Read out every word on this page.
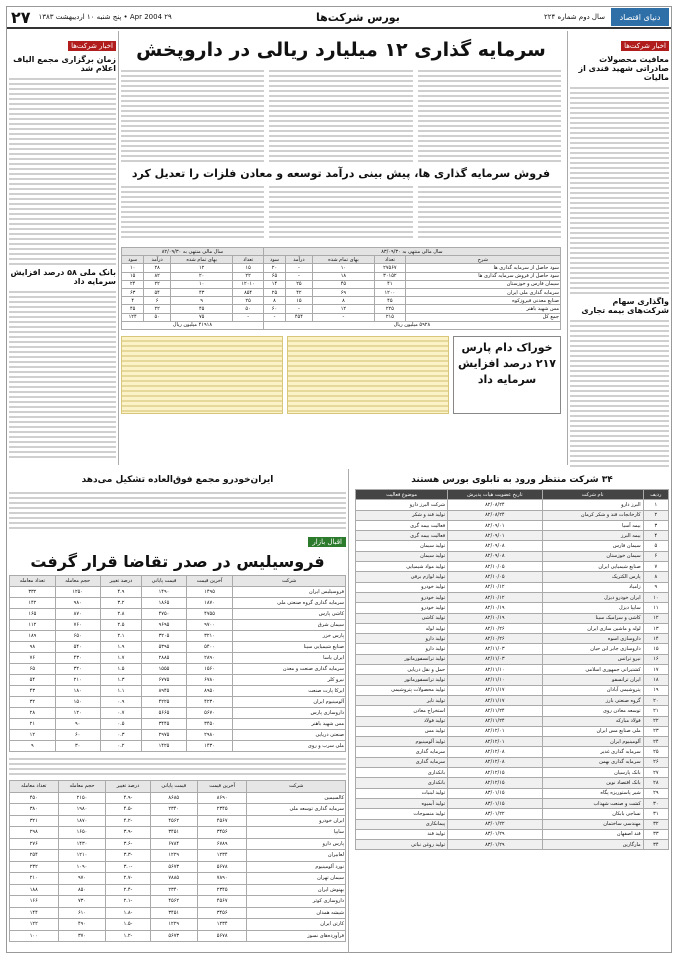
دنیای اقتصاد
سال دوم شماره ۲۲۴
بورس شرکت‌ها
۲۹ Apr 2004 • پنج شنبه ۱۰ اردیبهشت ۱۳۸۳
۲۷
اخبار شرکت‌ها
معافیت محصولات صادراتی شهید قندی از مالیات
واگذاری سهام شرکت‌های بیمه تجاری
اخبار شرکت‌ها
زمان برگزاری مجمع الیاف اعلام شد
بانک ملی ۵۸ درصد افزایش سرمایه داد
سرمایه گذاری ۱۲ میلیارد ریالی در داروپخش
فروش سرمایه گذاری ها، پیش بینی درآمد توسعه و معادن فلزات را تعدیل کرد
سال مالی منتهی به ۸۳/۰۹/۳۰					سال مالی منتهی به ۸۲/۰۹/۳۰			
شرح	تعداد	بهای تمام شده	درآمد	سود	تعداد	بهای تمام شده	درآمد	سود
سود حاصل از سرمایه گذاری ها	۲۷۵۶۷	۱۰	-	۲۰	۱۵	۱۲	۲۸	۱۰
سود حاصل از فروش سرمایه گذاری ها	۳۰۱۵۲	۱۸	-	۶۵	۲۲	۲۰	۸۲	۱۵
سیمان فارس و خوزستان	۴۱	۴۵	۲۵	۱۴	۱۲۰۱۰	۱۰	۲۲	۲۴
سرمایه گذاری ملی ایران	۱۲۰۰	۶۹	۴۲	۲۵	۸۵۴	۴۳	۵۴	۶۳
صنایع معدنی فیروزکوه	۴۵	۸	۱۵	۸	۲۵	۹	۶	۴
مس شهید باهنر	۲۲۵	۱۲	-	۶۰	۵۰	۴۵	۲۲	۴۵
جمع کل	۲۱۵	-	۴۵۴	-	-	۷۵	۵۰	۱۲۴
۵۹۲۸ میلیون ریال					۴۱۹۱۸ میلیون ریال			
خوراک دام پارس ۲۱۷ درصد افزایش سرمایه داد
۳۴ شرکت منتظر ورود به تابلوی بورس هستند
ردیف	نام شرکت	تاریخ عضویت هیات پذیرش	موضوع فعالیت
۱	البرز دارو	۸۲/۰۸/۲۴	شرکت البرز دارو
۲	کارخانجات قند و شکر کرمان	۸۲/۰۸/۲۴	تولید قند و شکر
۳	بیمه آسیا	۸۲/۰۹/۰۱	فعالیت بیمه گری
۴	بیمه البرز	۸۲/۰۹/۰۱	فعالیت بیمه گری
۵	سیمان فارس	۸۲/۰۹/۰۸	تولید سیمان
۶	سیمان خوزستان	۸۲/۰۹/۰۸	تولید سیمان
۷	صنایع شیمیایی ایران	۸۲/۱۰/۰۵	تولید مواد شیمیایی
۸	پارس الکتریک	۸۲/۱۰/۰۵	تولید لوازم برقی
۹	زامیاد	۸۲/۱۰/۱۲	تولید خودرو
۱۰	ایران خودرو دیزل	۸۲/۱۰/۱۲	تولید خودرو
۱۱	سایپا دیزل	۸۲/۱۰/۱۹	تولید خودرو
۱۲	کاشی و سرامیک سینا	۸۲/۱۰/۱۹	تولید کاشی
۱۳	لوله و ماشین سازی ایران	۸۲/۱۰/۲۶	تولید لوله
۱۴	داروسازی اسوه	۸۲/۱۰/۲۶	تولید دارو
۱۵	داروسازی جابر ابن حیان	۸۲/۱۱/۰۳	تولید دارو
۱۶	نیرو ترانس	۸۲/۱۱/۰۳	تولید ترانسفورماتور
۱۷	کشتیرانی جمهوری اسلامی	۸۲/۱۱/۱۰	حمل و نقل دریایی
۱۸	ایران ترانسفو	۸۲/۱۱/۱۰	تولید ترانسفورماتور
۱۹	پتروشیمی آبادان	۸۲/۱۱/۱۷	تولید محصولات پتروشیمی
۲۰	گروه صنعتی بارز	۸۲/۱۱/۱۷	تولید تایر
۲۱	توسعه معادن روی	۸۲/۱۱/۲۴	استخراج معادن
۲۲	فولاد مبارکه	۸۲/۱۱/۲۴	تولید فولاد
۲۳	ملی صنایع مس ایران	۸۲/۱۲/۰۱	تولید مس
۲۴	آلومینیوم ایران	۸۲/۱۲/۰۱	تولید آلومینیوم
۲۵	سرمایه گذاری غدیر	۸۲/۱۲/۰۸	سرمایه گذاری
۲۶	سرمایه گذاری بهمن	۸۲/۱۲/۰۸	سرمایه گذاری
۲۷	بانک پارسیان	۸۲/۱۲/۱۵	بانکداری
۲۸	بانک اقتصاد نوین	۸۲/۱۲/۱۵	بانکداری
۲۹	شیر پاستوریزه پگاه	۸۳/۰۱/۱۵	تولید لبنیات
۳۰	کشت و صنعت شهداب	۸۳/۰۱/۱۵	تولید آبمیوه
۳۱	نساجی بابکان	۸۳/۰۱/۲۲	تولید منسوجات
۳۲	مهندسی ساختمان	۸۳/۰۱/۲۲	پیمانکاری
۳۳	قند اصفهان	۸۳/۰۱/۲۹	تولید قند
۳۴	مارگارین	۸۳/۰۱/۲۹	تولید روغن نباتی
ایران‌خودرو مجمع فوق‌العاده تشکیل می‌دهد
اقبال بازار
فروسیلیس در صدر تقاضا قرار گرفت
شرکت	آخرین قیمت	قیمت پایانی	درصد تغییر	حجم معامله	تعداد معامله
فروسیلیس ایران	۱۴۹۵	۱۴۹۰	۴.۹	۱۲۵۰	۳۳۲
سرمایه گذاری گروه صنعتی ملی	۱۸۷۰	۱۸۶۵	۳.۲	۹۸۰	۱۴۲
کاشی پارس	۴۷۵۵	۴۷۵۰	۲.۸	۸۷۰	۱۶۵
سیمان شرق	۹۷۰۰	۹۶۹۵	۲.۵	۷۶۰	۱۱۲
پارس خزر	۳۲۱۰	۳۲۰۵	۲.۱	۶۵۰	۱۸۹
صنایع شیمیایی سینا	۵۴۰۰	۵۳۹۵	۱.۹	۵۴۰	۹۸
ایران یاسا	۲۸۹۰	۲۸۸۵	۱.۷	۴۳۰	۷۶
سرمایه گذاری صنعت و معدن	۱۵۶۰	۱۵۵۵	۱.۵	۳۲۰	۶۵
نیرو کلر	۶۷۸۰	۶۷۷۵	۱.۳	۲۱۰	۵۴
ایرکا پارت صنعت	۸۹۵۰	۸۹۴۵	۱.۱	۱۸۰	۴۳
آلومینیوم ایران	۴۲۳۰	۴۲۲۵	۰.۹	۱۵۰	۳۲
داروسازی پارس	۵۶۷۰	۵۶۶۵	۰.۷	۱۲۰	۲۸
مس شهید باهنر	۳۴۵۰	۳۴۴۵	۰.۵	۹۰	۲۱
صنعتی دریایی	۲۹۸۰	۲۹۷۵	۰.۳	۶۰	۱۲
ملی سرب و روی	۱۴۳۰	۱۴۲۵	۰.۲	۳۰	۹
شرکت	آخرین قیمت	قیمت پایانی	درصد تغییر	حجم معامله	تعداد معامله
کالسیمین	۸۶۹۰	۸۶۸۵	-۴.۹	۲۱۵۰	۴۵۰
سرمایه گذاری توسعه ملی	۲۳۴۵	۲۳۴۰	-۴.۵	۱۹۸۰	۳۸۰
ایران خودرو	۴۵۶۷	۴۵۶۲	-۴.۲	۱۸۷۰	۳۲۱
سایپا	۳۴۵۶	۳۴۵۱	-۳.۹	۱۶۵۰	۲۹۸
پارس دارو	۶۷۸۹	۶۷۸۴	-۳.۶	۱۴۳۰	۲۷۶
لعابیران	۱۲۳۴	۱۲۲۹	-۳.۳	۱۲۱۰	۲۵۴
نورد آلومینیوم	۵۶۷۸	۵۶۷۳	-۳.۰	۱۰۹۰	۲۳۲
سیمان تهران	۷۸۹۰	۷۸۸۵	-۲.۷	۹۷۰	۲۱۰
بهنوش ایران	۲۳۴۵	۲۳۴۰	-۲.۴	۸۵۰	۱۸۸
داروسازی کوثر	۴۵۶۷	۴۵۶۲	-۲.۱	۷۳۰	۱۶۶
شیشه همدان	۳۴۵۶	۳۴۵۱	-۱.۸	۶۱۰	۱۴۴
کارتن ایران	۱۲۳۴	۱۲۲۹	-۱.۵	۴۹۰	۱۲۲
فرآورده‌های نسوز	۵۶۷۸	۵۶۷۳	-۱.۲	۳۷۰	۱۰۰
